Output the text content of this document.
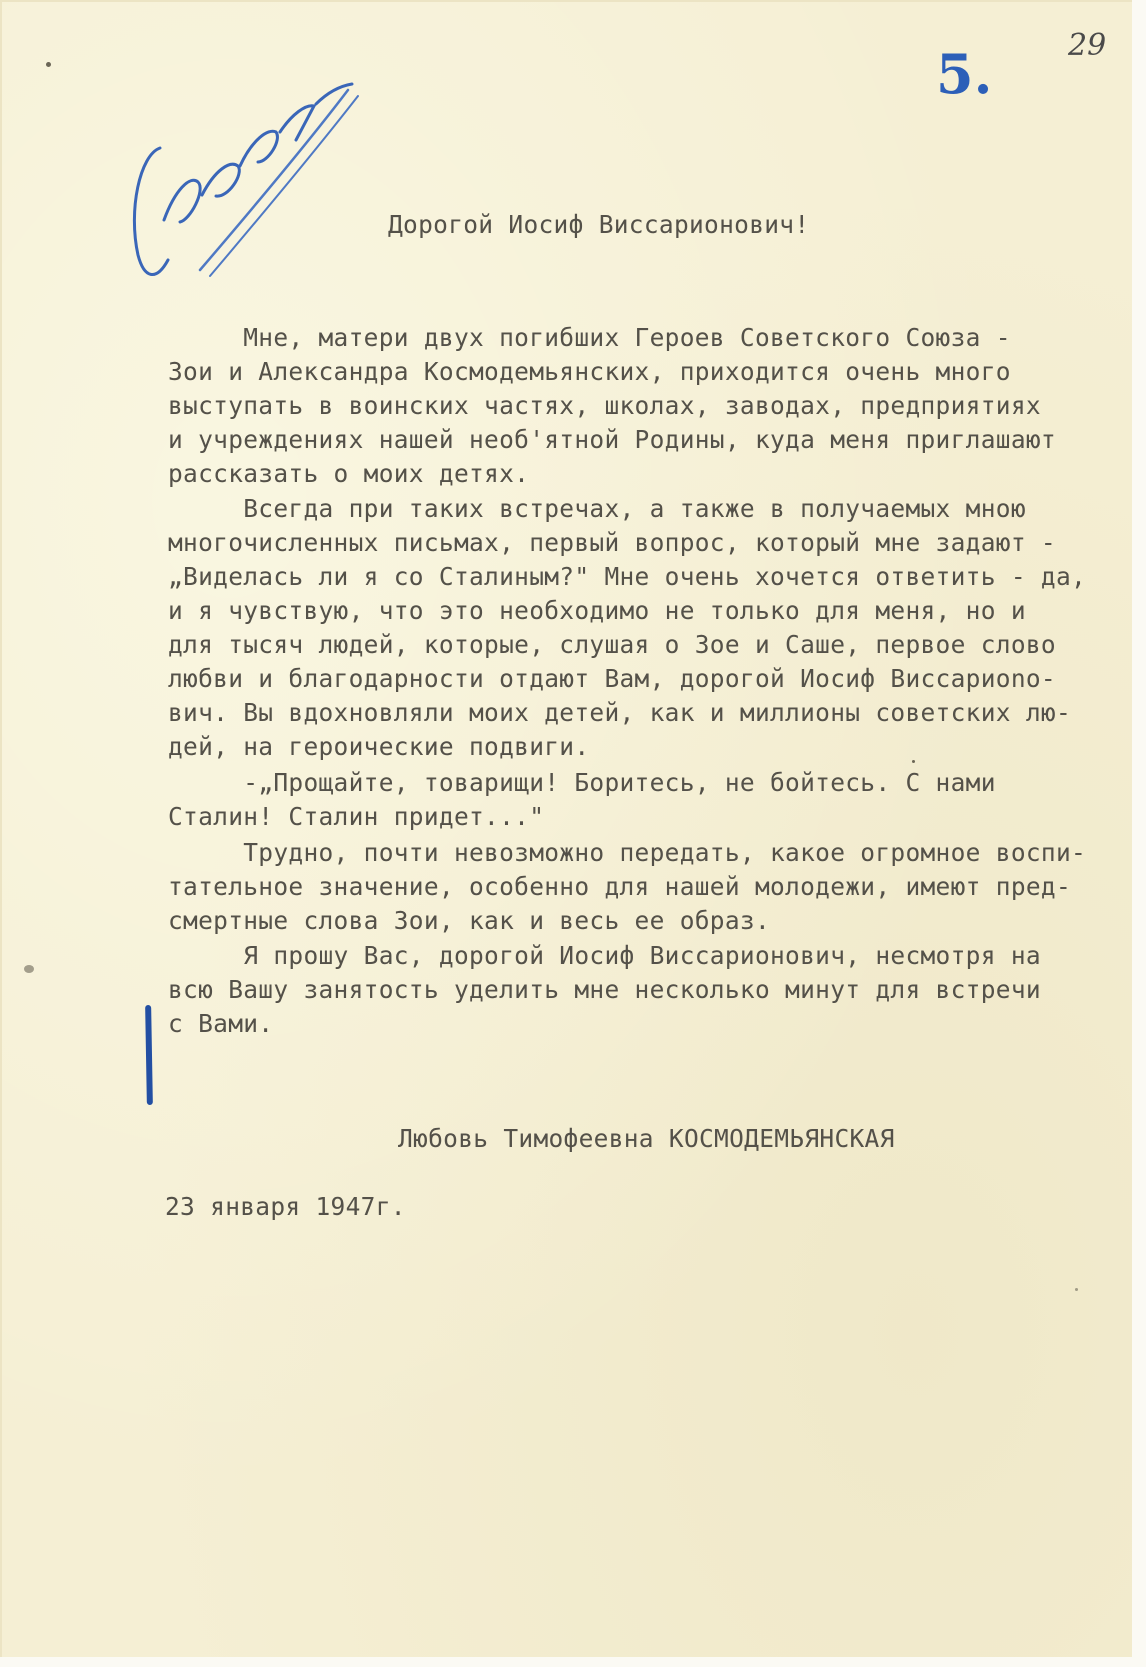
29
5.
Дорогой Иосиф Виссарионович!
Мне, матери двух погибших Героев Советского Союза -
Зои и Александра Космодемьянских, приходится очень много
выступать в воинских частях, школах, заводах, предприятиях
и учреждениях нашей необ'ятной Родины, куда меня приглашают
рассказать о моих детях.
Всегда при таких встречах, а также в получаемых мною
многочисленных письмах, первый вопрос, который мне задают -
„Виделась ли я со Сталиным?" Мне очень хочется ответить - да,
и я чувствую, что это необходимо не только для меня, но и
для тысяч людей, которые, слушая о Зое и Саше, первое слово
любви и благодарности отдают Вам, дорогой Иосиф Виссариono-
вич. Вы вдохновляли моих детей, как и миллионы советских лю-
дей, на героические подвиги.
-„Прощайте, товарищи! Боритесь, не бойтесь. С нами
Сталин! Сталин придет..."
Трудно, почти невозможно передать, какое огромное воспи-
тательное значение, особенно для нашей молодежи, имеют пред-
смертные слова Зои, как и весь ее образ.
Я прошу Вас, дорогой Иосиф Виссарионович, несмотря на
всю Вашу занятость уделить мне несколько минут для встречи
с Вами.
Любовь Тимофеевна КОСМОДЕМЬЯНСКАЯ
23 января 1947г.
